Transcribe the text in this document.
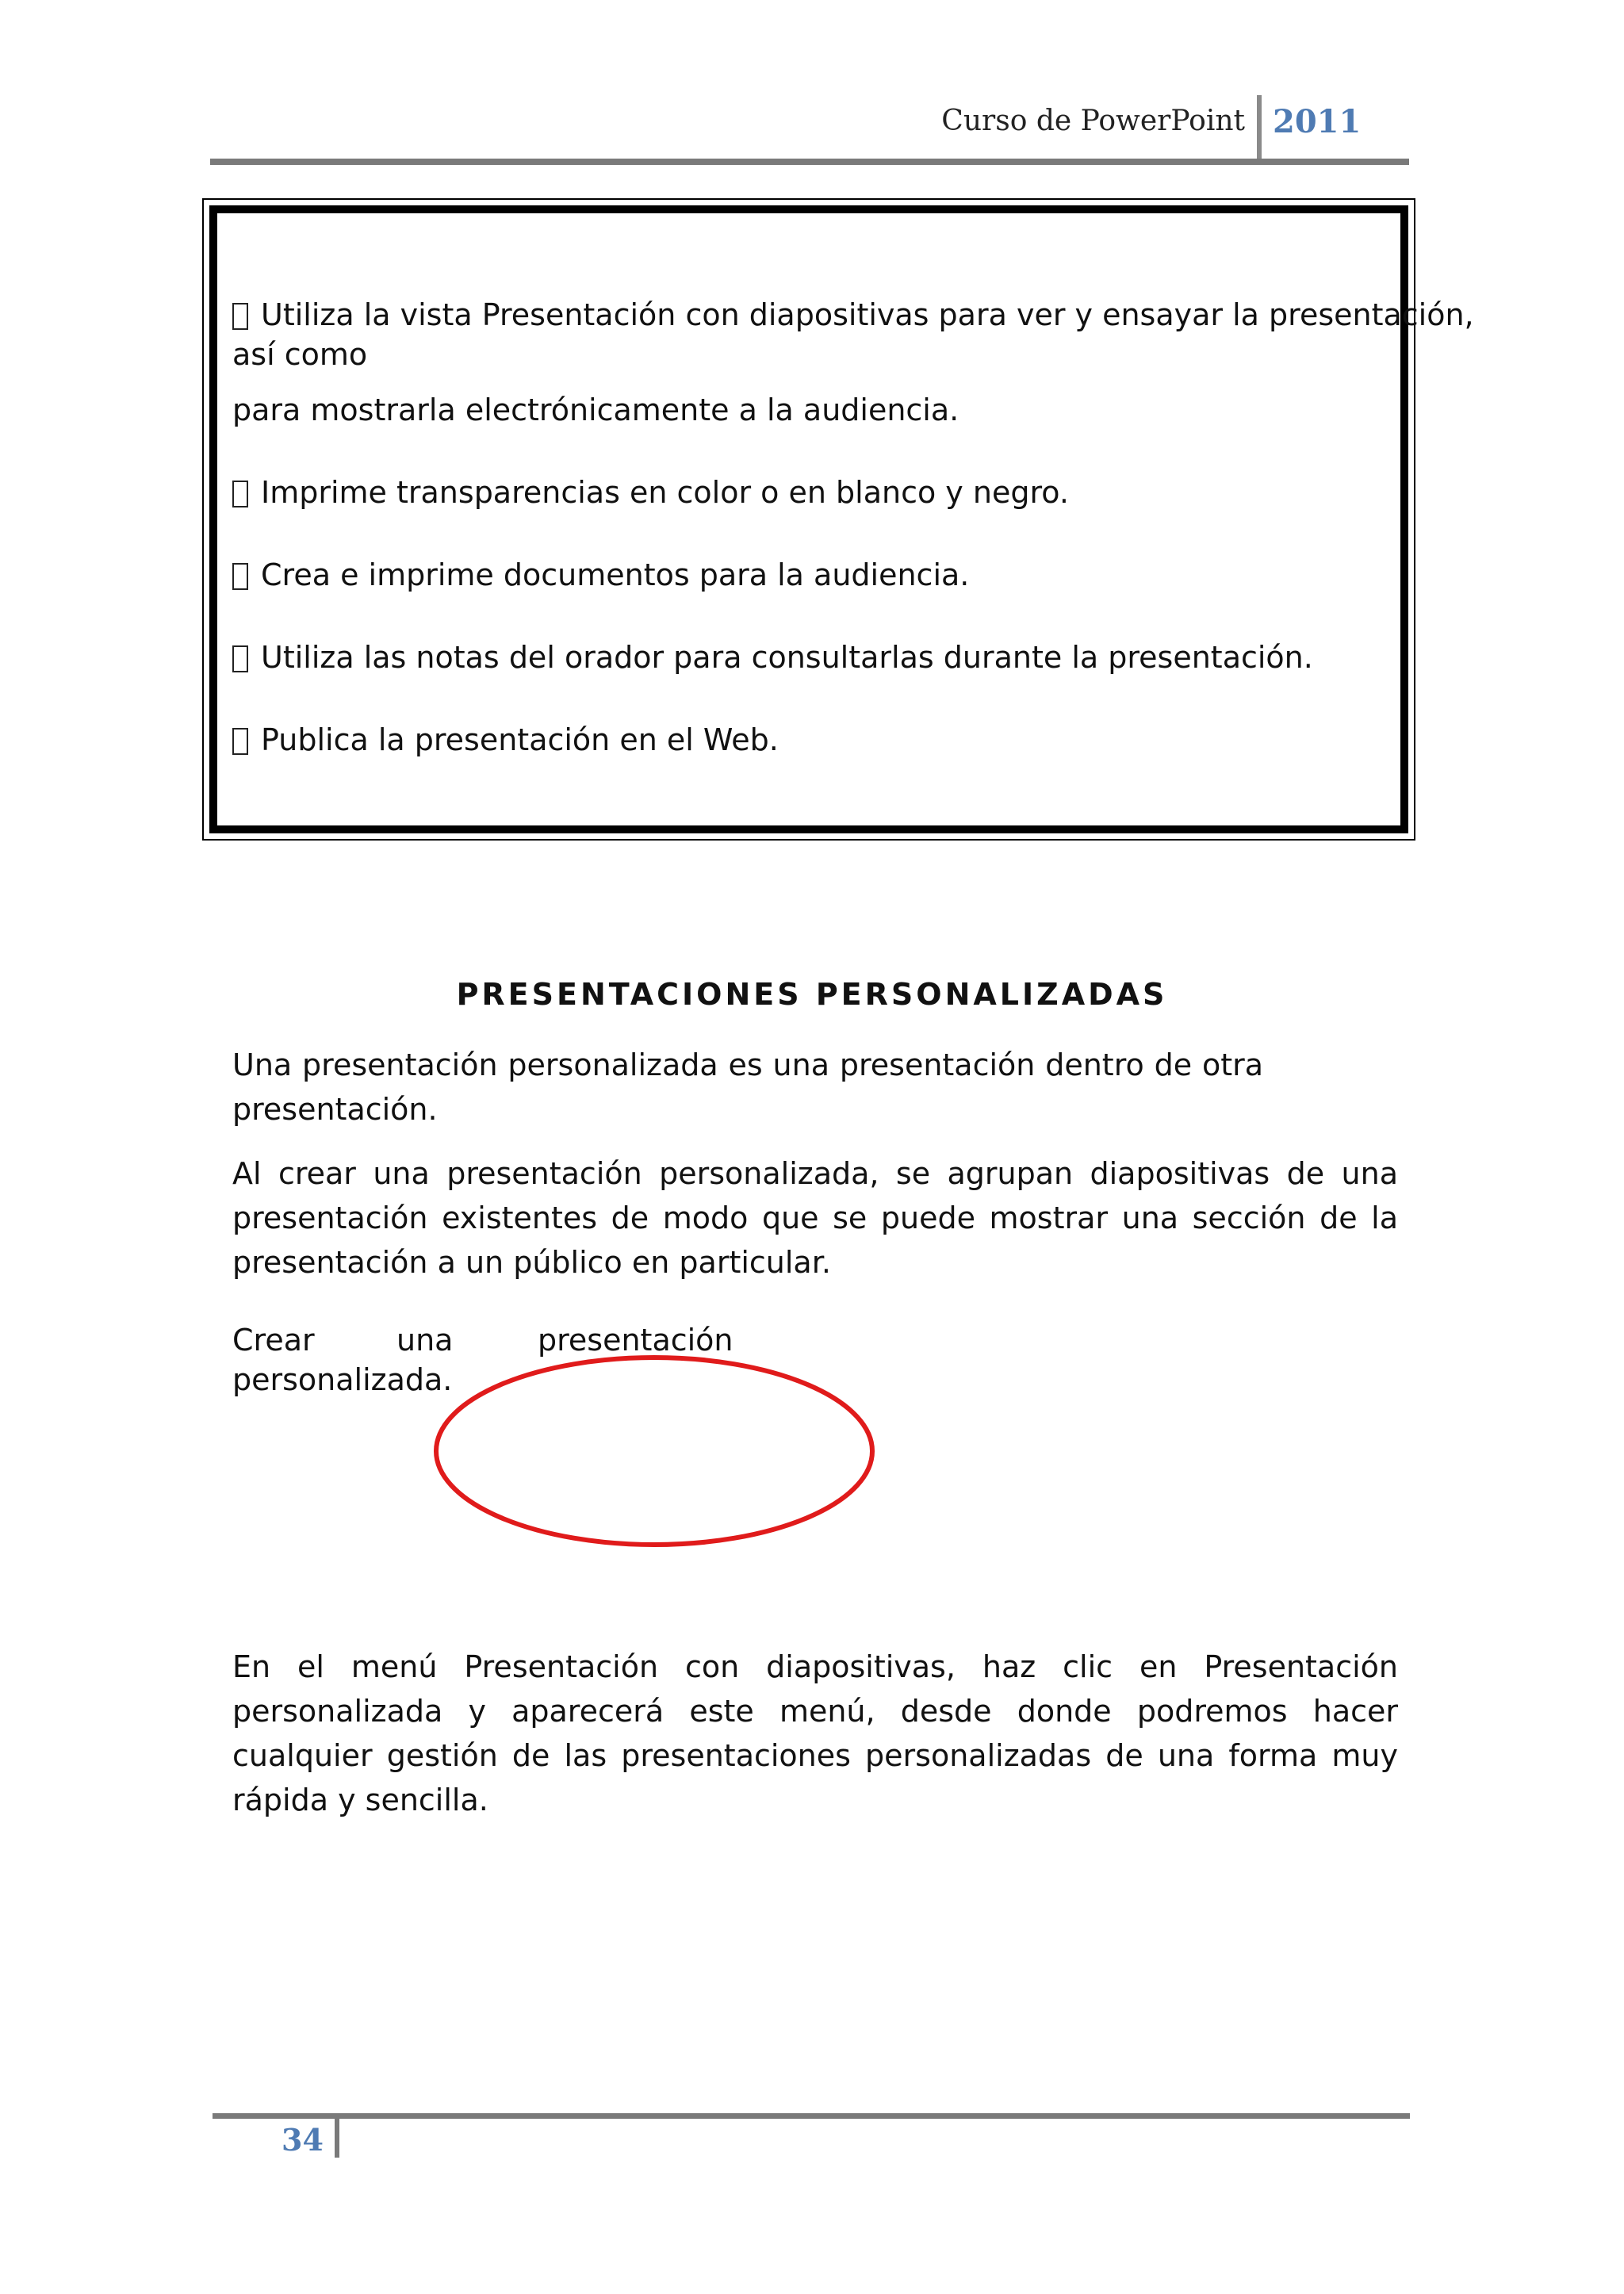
Curso de PowerPoint 2011
Utiliza la vista Presentación con diapositivas para ver y ensayar la presentación,
así como
para mostrarla electrónicamente a la audiencia.
Imprime transparencias en color o en blanco y negro.
Crea e imprime documentos para la audiencia.
Utiliza las notas del orador para consultarlas durante la presentación.
Publica la presentación en el Web.
PRESENTACIONES PERSONALIZADAS
Una presentación personalizada es una presentación dentro de otra presentación.
Al crear una presentación personalizada, se agrupan diapositivas de una presentación existentes de modo que se puede mostrar una sección de la presentación a un público en particular.
Crear	una	presentación
personalizada.
En el menú Presentación con diapositivas, haz clic en Presentación personalizada y aparecerá este menú, desde donde podremos hacer cualquier gestión de las presentaciones personalizadas de una forma muy rápida y sencilla.
34
